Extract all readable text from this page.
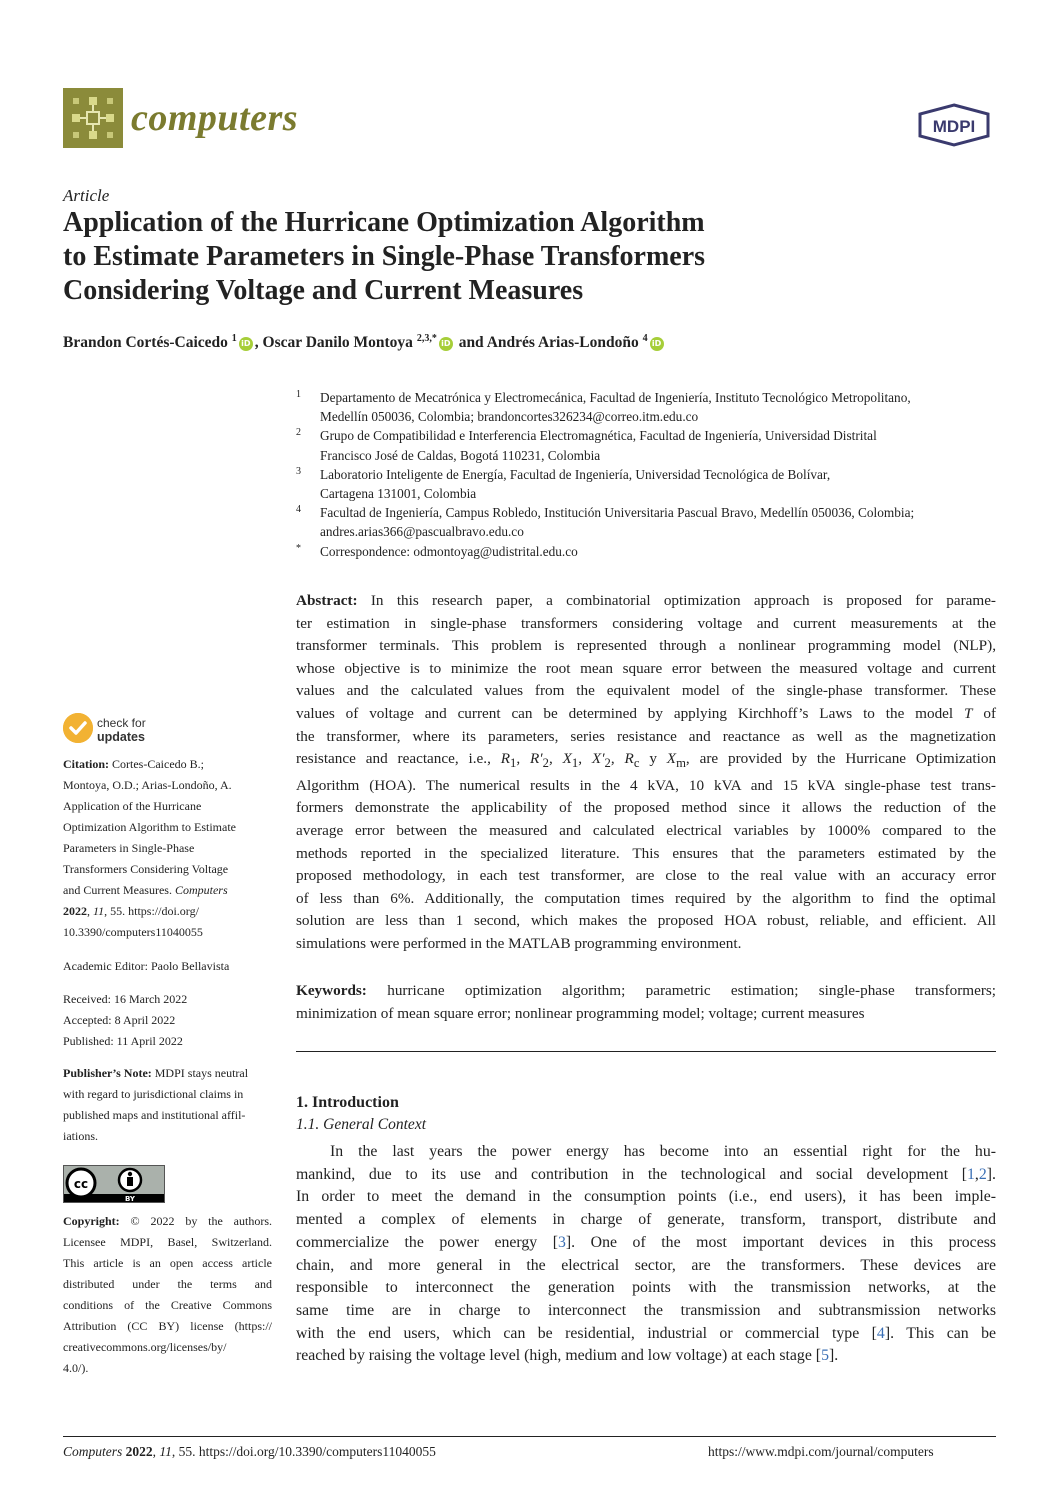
computers	MDPI
Article
Application of the Hurricane Optimization Algorithm
to Estimate Parameters in Single-Phase Transformers
Considering Voltage and Current Measures
Brandon Cortés-Caicedo $^1$ iD , Oscar Danilo Montoya $^{2,3,*}$ iD and Andrés Arias-Londoño $^4$ iD
1 Departamento de Mecatrónica y Electromecánica, Facultad de Ingeniería, Instituto Tecnológico Metropolitano,
Medellín 050036, Colombia; brandoncortes326234@correo.itm.edu.co
2 Grupo de Compatibilidad e Interferencia Electromagnética, Facultad de Ingeniería, Universidad Distrital
Francisco José de Caldas, Bogotá 110231, Colombia
3 Laboratorio Inteligente de Energía, Facultad de Ingeniería, Universidad Tecnológica de Bolívar,
Cartagena 131001, Colombia
4 Facultad de Ingeniería, Campus Robledo, Institución Universitaria Pascual Bravo, Medellín 050036, Colombia;
andres.arias366@pascualbravo.edu.co
* Correspondence: odmontoyag@udistrital.edu.co
Abstract: In this research paper, a combinatorial optimization approach is proposed for parame-
ter estimation in single-phase transformers considering voltage and current measurements at the
transformer terminals. This problem is represented through a nonlinear programming model (NLP),
whose objective is to minimize the root mean square error between the measured voltage and current
values and the calculated values from the equivalent model of the single-phase transformer. These
values of voltage and current can be determined by applying Kirchhoff’s Laws to the model T of
the transformer, where its parameters, series resistance and reactance as well as the magnetization
resistance and reactance, i.e., $R_1$, $R'_2$, $X_1$, $X'_2$, $R_c$ y $X_m$, are provided by the Hurricane Optimization
Algorithm (HOA). The numerical results in the 4 kVA, 10 kVA and 15 kVA single-phase test trans-
formers demonstrate the applicability of the proposed method since it allows the reduction of the
average error between the measured and calculated electrical variables by 1000% compared to the
methods reported in the specialized literature. This ensures that the parameters estimated by the
proposed methodology, in each test transformer, are close to the real value with an accuracy error
of less than 6%. Additionally, the computation times required by the algorithm to find the optimal
solution are less than 1 second, which makes the proposed HOA robust, reliable, and efficient. All
simulations were performed in the MATLAB programming environment.
Keywords: hurricane optimization algorithm; parametric estimation; single-phase transformers;
minimization of mean square error; nonlinear programming model; voltage; current measures
1. Introduction
1.1. General Context
In the last years the power energy has become into an essential right for the hu-
mankind, due to its use and contribution in the technological and social development [1,2].
In order to meet the demand in the consumption points (i.e., end users), it has been imple-
mented a complex of elements in charge of generate, transform, transport, distribute and
commercialize the power energy [3]. One of the most important devices in this process
chain, and more general in the electrical sector, are the transformers. These devices are
responsible to interconnect the generation points with the transmission networks, at the
same time are in charge to interconnect the transmission and subtransmission networks
with the end users, which can be residential, industrial or commercial type [4]. This can be
reached by raising the voltage level (high, medium and low voltage) at each stage [5].
check for
updates
Citation: Cortes-Caicedo B.;
Montoya, O.D.; Arias-Londoño, A.
Application of the Hurricane
Optimization Algorithm to Estimate
Parameters in Single-Phase
Transformers Considering Voltage
and Current Measures. Computers
2022, 11, 55. https://doi.org/
10.3390/computers11040055
Academic Editor: Paolo Bellavista
Received: 16 March 2022
Accepted: 8 April 2022
Published: 11 April 2022
Publisher’s Note: MDPI stays neutral
with regard to jurisdictional claims in
published maps and institutional affil-
iations.
cc
BY
Copyright: © 2022 by the authors.
Licensee MDPI, Basel, Switzerland.
This article is an open access article
distributed under the terms and
conditions of the Creative Commons
Attribution (CC BY) license (https://
creativecommons.org/licenses/by/
4.0/).
Computers 2022, 11, 55. https://doi.org/10.3390/computers11040055	https://www.mdpi.com/journal/computers
